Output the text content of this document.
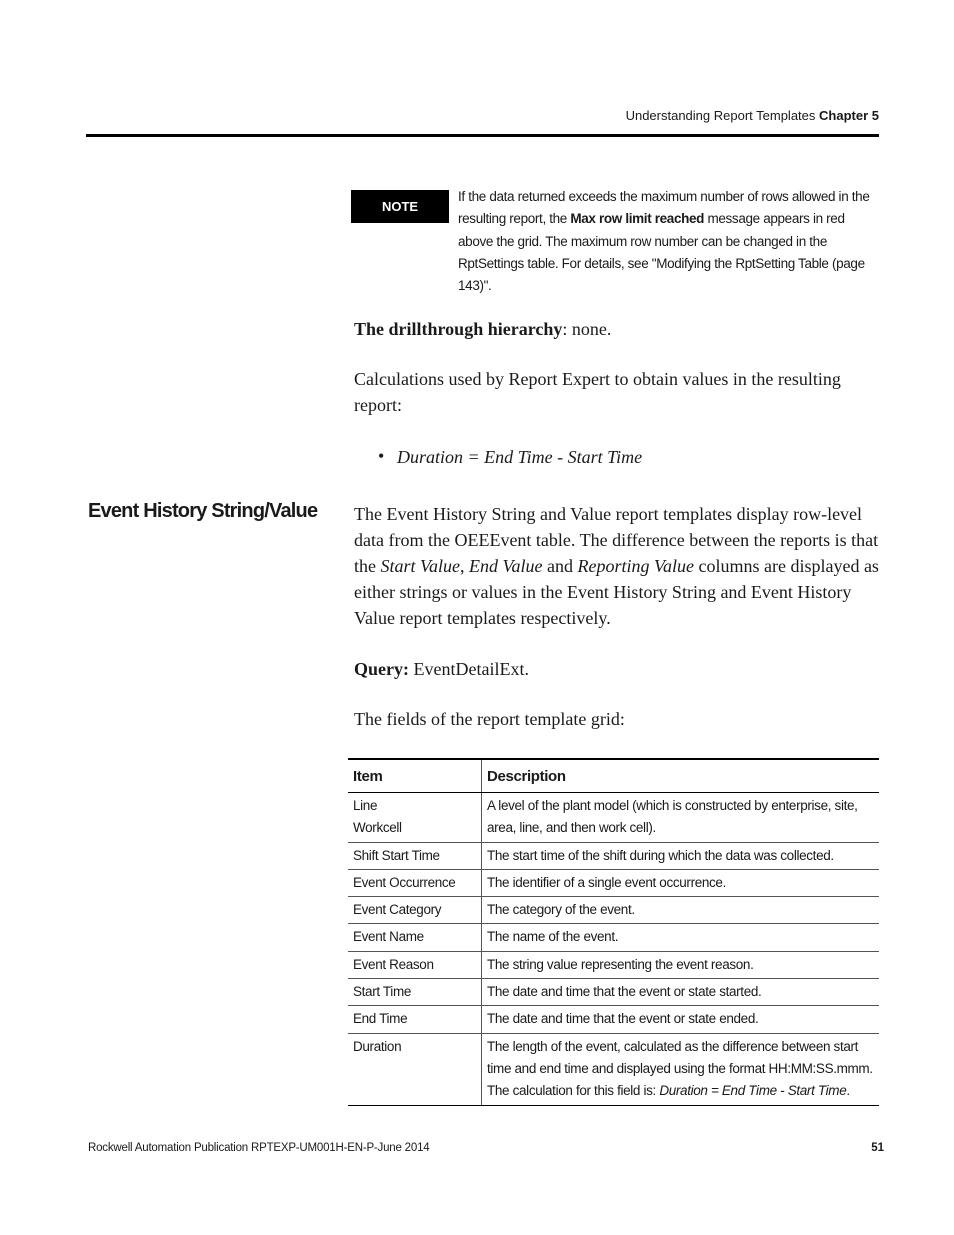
Understanding Report Templates Chapter 5
NOTE
If the data returned exceeds the maximum number of rows allowed in the resulting report, the Max row limit reached message appears in red above the grid. The maximum row number can be changed in the RptSettings table. For details, see "Modifying the RptSetting Table (page 143)".
The drillthrough hierarchy: none.
Calculations used by Report Expert to obtain values in the resulting report:
• Duration = End Time - Start Time
Event History String/Value The Event History String and Value report templates display row-level data from the OEEEvent table. The difference between the reports is that the Start Value, End Value and Reporting Value columns are displayed as either strings or values in the Event History String and Event History Value report templates respectively.
Query: EventDetailExt.
The fields of the report template grid:
Item	Description

Line
Workcell	A level of the plant model (which is constructed by enterprise, site, area, line, and then work cell).

Shift Start Time	The start time of the shift during which the data was collected.

Event Occurrence	The identifier of a single event occurrence.

Event Category	The category of the event.

Event Name	The name of the event.

Event Reason	The string value representing the event reason.

Start Time	The date and time that the event or state started.

End Time	The date and time that the event or state ended.

Duration	The length of the event, calculated as the difference between start time and end time and displayed using the format HH:MM:SS.mmm. The calculation for this field is: Duration = End Time - Start Time.
Rockwell Automation Publication RPTEXP-UM001H-EN-P-June 2014	51
